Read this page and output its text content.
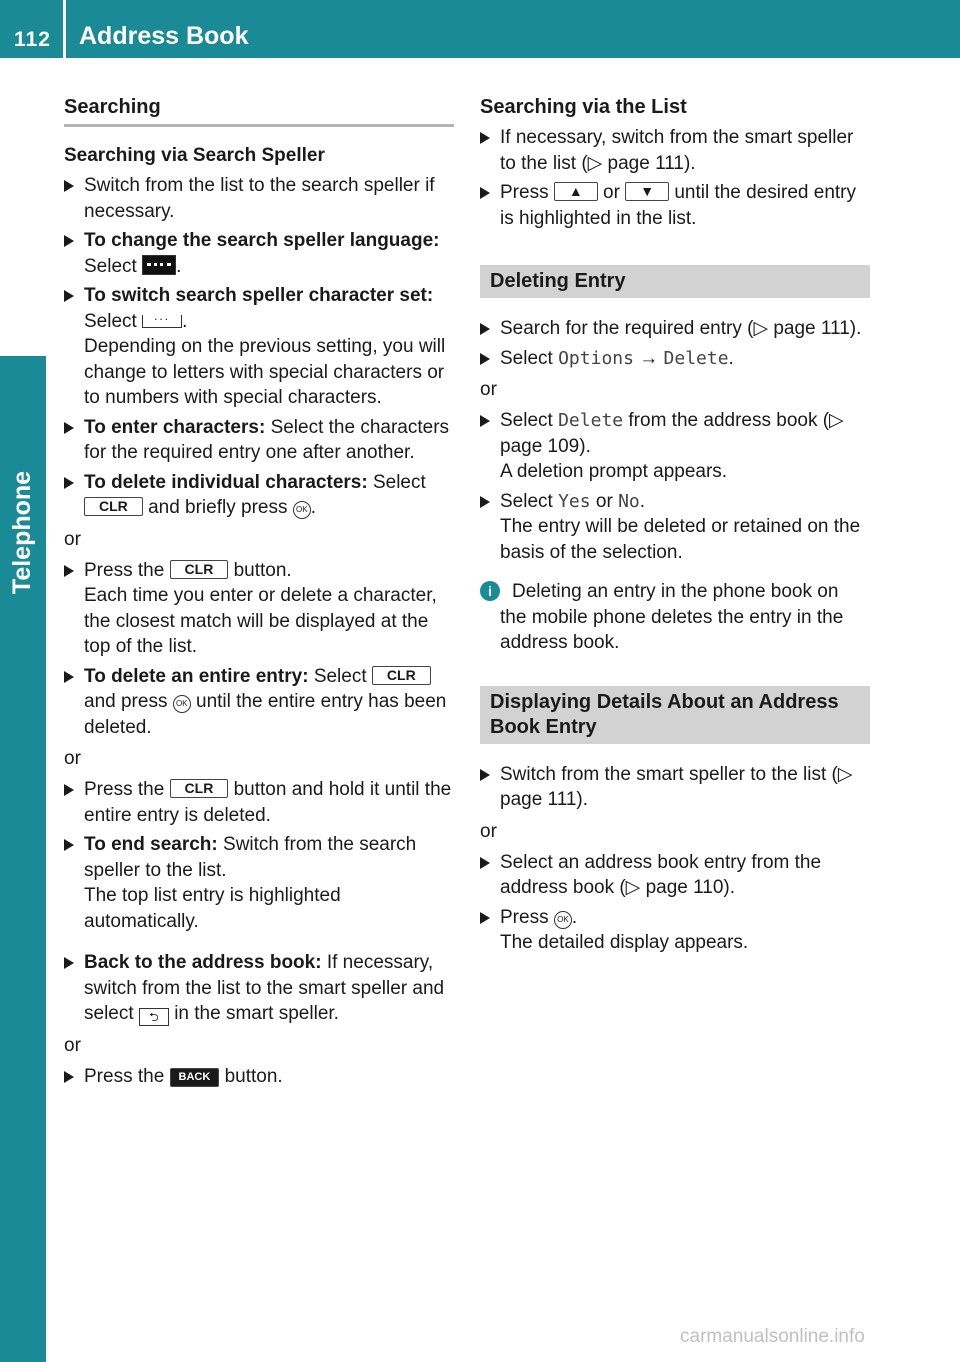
112 Address Book
Telephone
Searching
Searching via Search Speller
Switch from the list to the search speller if necessary.
To change the search speller language:
Select .
To switch search speller character set:
Select ... .
Depending on the previous setting, you will change to letters with special characters or to numbers with special characters.
To enter characters: Select the characters for the required entry one after another.
To delete individual characters: Select
CLR and briefly press OK .
or
Press the CLR button.
Each time you enter or delete a character, the closest match will be displayed at the top of the list.
To delete an entire entry: Select CLR
and press OK until the entire entry has been deleted.
or
Press the CLR button and hold it until the entire entry is deleted.
To end search: Switch from the search speller to the list.
The top list entry is highlighted automatically.
Back to the address book: If necessary, switch from the list to the smart speller and select ⮌ in the smart speller.
or
Press the BACK button.
Searching via the List
If necessary, switch from the smart speller to the list (▷ page 111).
Press ▲ or ▼ until the desired entry is highlighted in the list.
Deleting Entry
Search for the required entry (▷ page 111).
Select Options → Delete.
or
Select Delete from the address book (▷ page 109).
A deletion prompt appears.
Select Yes or No.
The entry will be deleted or retained on the basis of the selection.
i	Deleting an entry in the phone book on the mobile phone deletes the entry in the address book.
Displaying Details About an Address Book Entry
Switch from the smart speller to the list (▷ page 111).
or
Select an address book entry from the address book (▷ page 110).
Press OK .
The detailed display appears.
carmanualsonline.info
